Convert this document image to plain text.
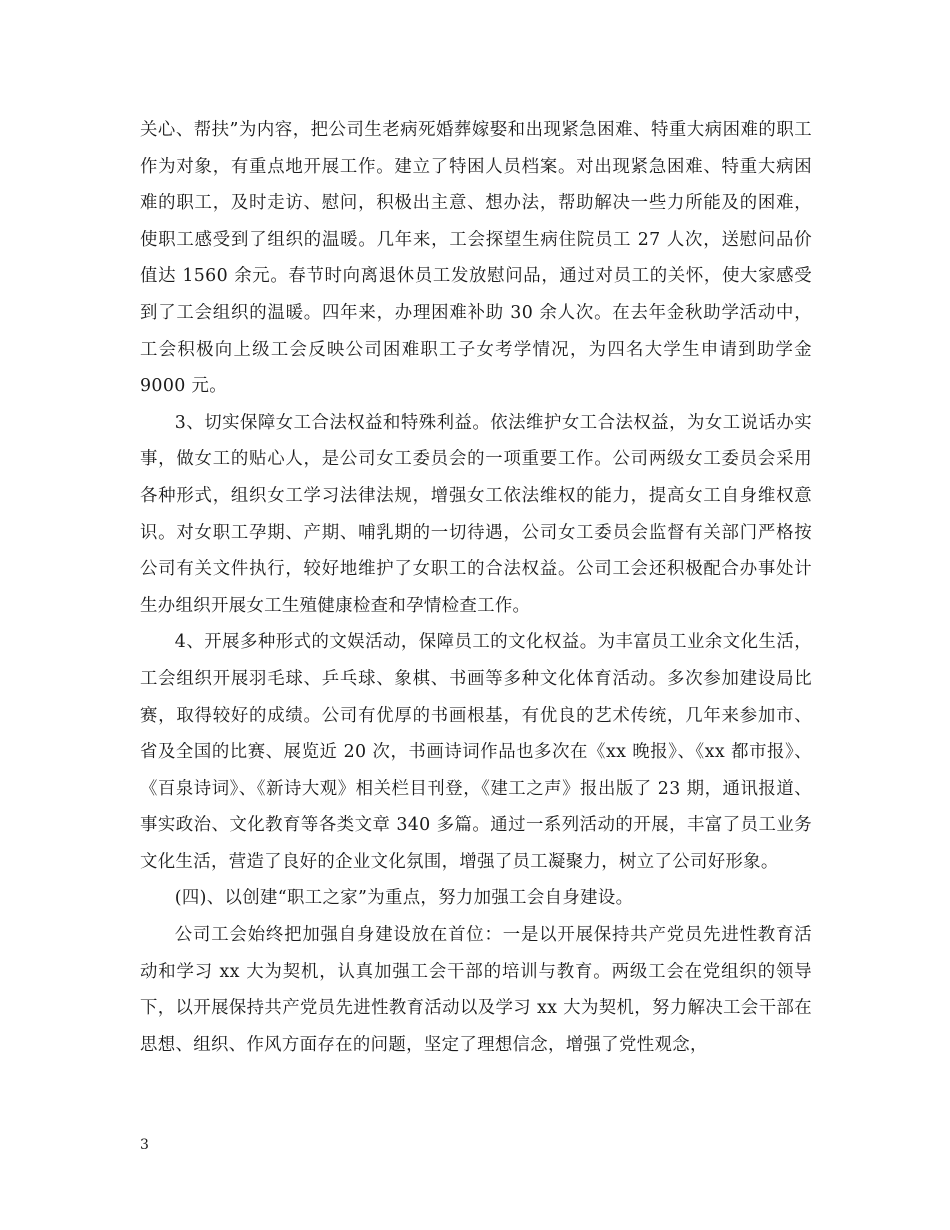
关心、帮扶”为内容，把公司生老病死婚葬嫁娶和出现紧急困难、特重大病困难的职工作为对象，有重点地开展工作。建立了特困人员档案。对出现紧急困难、特重大病困难的职工，及时走访、慰问，积极出主意、想办法，帮助解决一些力所能及的困难，使职工感受到了组织的温暖。几年来，工会探望生病住院员工 27 人次，送慰问品价值达 1560 余元。春节时向离退休员工发放慰问品，通过对员工的关怀，使大家感受到了工会组织的温暖。四年来，办理困难补助 30 余人次。在去年金秋助学活动中，工会积极向上级工会反映公司困难职工子女考学情况，为四名大学生申请到助学金 9000 元。

3、切实保障女工合法权益和特殊利益。依法维护女工合法权益，为女工说话办实事，做女工的贴心人，是公司女工委员会的一项重要工作。公司两级女工委员会采用各种形式，组织女工学习法律法规，增强女工依法维权的能力，提高女工自身维权意识。对女职工孕期、产期、哺乳期的一切待遇，公司女工委员会监督有关部门严格按公司有关文件执行，较好地维护了女职工的合法权益。公司工会还积极配合办事处计生办组织开展女工生殖健康检查和孕情检查工作。

4、开展多种形式的文娱活动，保障员工的文化权益。为丰富员工业余文化生活，工会组织开展羽毛球、乒乓球、象棋、书画等多种文化体育活动。多次参加建设局比赛，取得较好的成绩。公司有优厚的书画根基，有优良的艺术传统，几年来参加市、省及全国的比赛、展览近 20 次，书画诗词作品也多次在《xx 晚报》、《xx 都市报》、《百泉诗词》、《新诗大观》相关栏目刊登，《建工之声》报出版了 23 期，通讯报道、事实政治、文化教育等各类文章 340 多篇。通过一系列活动的开展，丰富了员工业务文化生活，营造了良好的企业文化氛围，增强了员工凝聚力，树立了公司好形象。

(四)、以创建“职工之家”为重点，努力加强工会自身建设。

公司工会始终把加强自身建设放在首位：一是以开展保持共产党员先进性教育活动和学习 xx 大为契机，认真加强工会干部的培训与教育。两级工会在党组织的领导下，以开展保持共产党员先进性教育活动以及学习 xx 大为契机，努力解决工会干部在思想、组织、作风方面存在的问题，坚定了理想信念，增强了党性观念，

3
